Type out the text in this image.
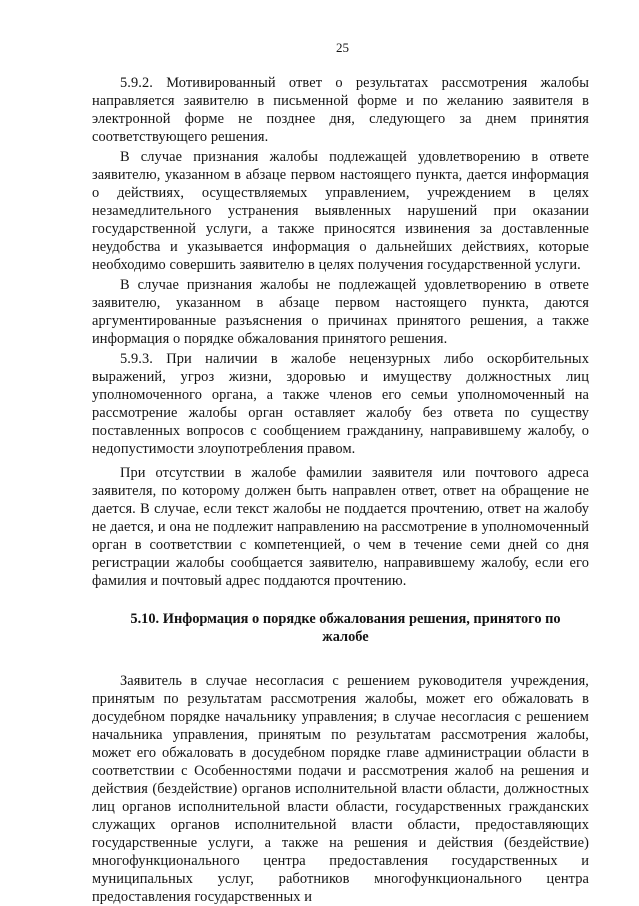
25

5.9.2. Мотивированный ответ о результатах рассмотрения жалобы направляется заявителю в письменной форме и по желанию заявителя в электронной форме не позднее дня, следующего за днем принятия соответствующего решения.

В случае признания жалобы подлежащей удовлетворению в ответе заявителю, указанном в абзаце первом настоящего пункта, дается информация о действиях, осуществляемых управлением, учреждением в целях незамедлительного устранения выявленных нарушений при оказании государственной услуги, а также приносятся извинения за доставленные неудобства и указывается информация о дальнейших действиях, которые необходимо совершить заявителю в целях получения государственной услуги.

В случае признания жалобы не подлежащей удовлетворению в ответе заявителю, указанном в абзаце первом настоящего пункта, даются аргументированные разъяснения о причинах принятого решения, а также информация о порядке обжалования принятого решения.

5.9.3. При наличии в жалобе нецензурных либо оскорбительных выражений, угроз жизни, здоровью и имуществу должностных лиц уполномоченного органа, а также членов его семьи уполномоченный на рассмотрение жалобы орган оставляет жалобу без ответа по существу поставленных вопросов с сообщением гражданину, направившему жалобу, о недопустимости злоупотребления правом.

При отсутствии в жалобе фамилии заявителя или почтового адреса заявителя, по которому должен быть направлен ответ, ответ на обращение не дается. В случае, если текст жалобы не поддается прочтению, ответ на жалобу не дается, и она не подлежит направлению на рассмотрение в уполномоченный орган в соответствии с компетенцией, о чем в течение семи дней со дня регистрации жалобы сообщается заявителю, направившему жалобу, если его фамилия и почтовый адрес поддаются прочтению.

5.10. Информация о порядке обжалования решения, принятого по жалобе

Заявитель в случае несогласия с решением руководителя учреждения, принятым по результатам рассмотрения жалобы, может его обжаловать в досудебном порядке начальнику управления; в случае несогласия с решением начальника управления, принятым по результатам рассмотрения жалобы, может его обжаловать в досудебном порядке главе администрации области в соответствии с Особенностями подачи и рассмотрения жалоб на решения и действия (бездействие) органов исполнительной власти области, должностных лиц органов исполнительной власти области, государственных гражданских служащих органов исполнительной власти области, предоставляющих государственные услуги, а также на решения и действия (бездействие) многофункционального центра предоставления государственных и муниципальных услуг, работников многофункционального центра предоставления государственных и
